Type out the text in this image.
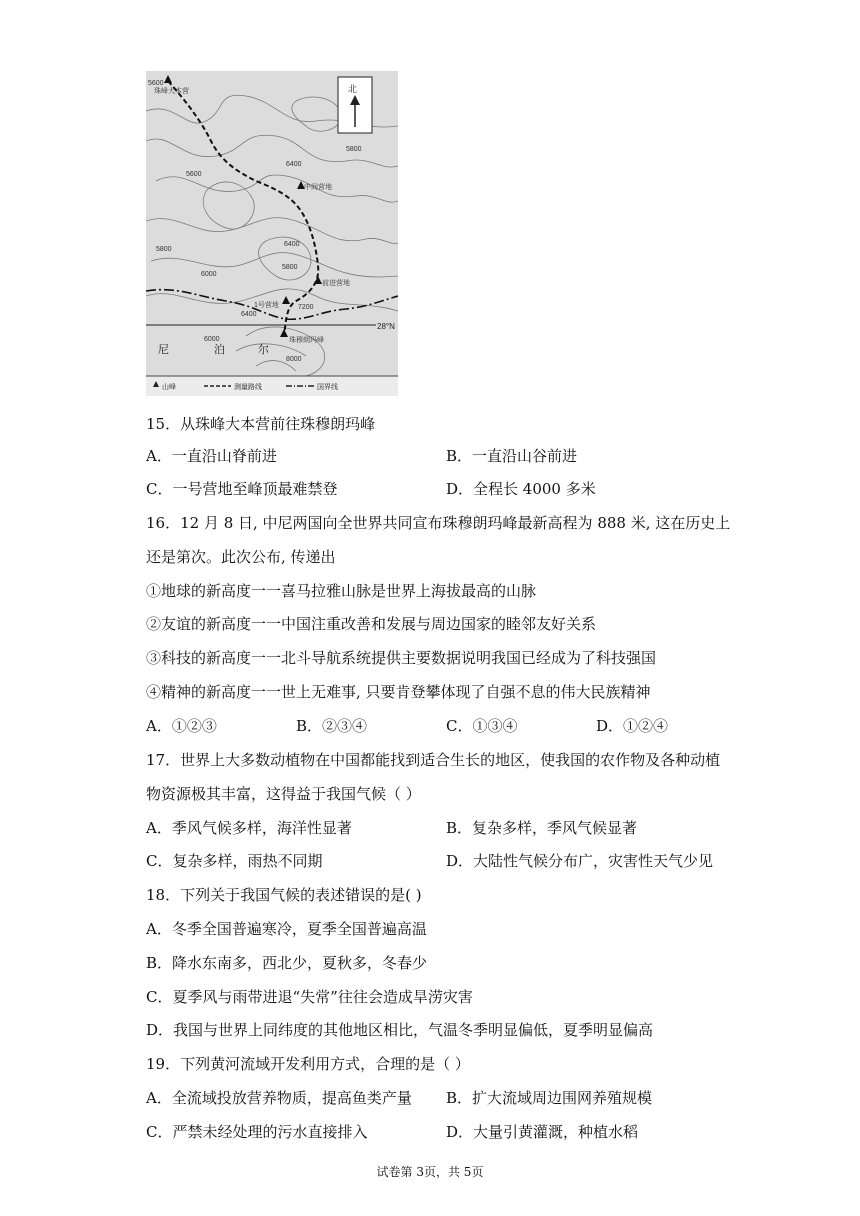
28°N
珠峰大本营
中间营地
前进营地
1号营地
珠穆朗玛峰
5600
6400
5600
5800
6400
5800
6000
5800
7200
6000
8000
6400
尼	泊	尔
北
山峰	测量路线	国界线
15．从珠峰大本营前往珠穆朗玛峰
A．一直沿山脊前进	B．一直沿山谷前进
C．一号营地至峰顶最难禁登	D．全程长 4000 多米
16．12 月 8 日, 中尼两国向全世界共同宣布珠穆朗玛峰最新高程为 888 米, 这在历史上
还是第次。此次公布, 传递出
①地球的新高度一一喜马拉雅山脉是世界上海拔最高的山脉
②友谊的新高度一一中国注重改善和发展与周边国家的睦邻友好关系
③科技的新高度一一北斗导航系统提供主要数据说明我国已经成为了科技强国
④精神的新高度一一世上无难事, 只要肯登攀体现了自强不息的伟大民族精神
A．①②③	B．②③④	C．①③④	D．①②④
17．世界上大多数动植物在中国都能找到适合生长的地区，使我国的农作物及各种动植
物资源极其丰富，这得益于我国气候（ ）
A．季风气候多样，海洋性显著	B．复杂多样，季风气候显著
C．复杂多样，雨热不同期	D．大陆性气候分布广，灾害性天气少见
18．下列关于我国气候的表述错误的是( )
A．冬季全国普遍寒冷，夏季全国普遍高温
B．降水东南多，西北少，夏秋多，冬春少
C．夏季风与雨带进退“失常”往往会造成旱涝灾害
D．我国与世界上同纬度的其他地区相比，气温冬季明显偏低，夏季明显偏高
19．下列黄河流域开发利用方式，合理的是（ ）
A．全流域投放营养物质，提高鱼类产量 B．扩大流域周边围网养殖规模
C．严禁未经处理的污水直接排入	D．大量引黄灌溉，种植水稻
试卷第 3页，共 5页
